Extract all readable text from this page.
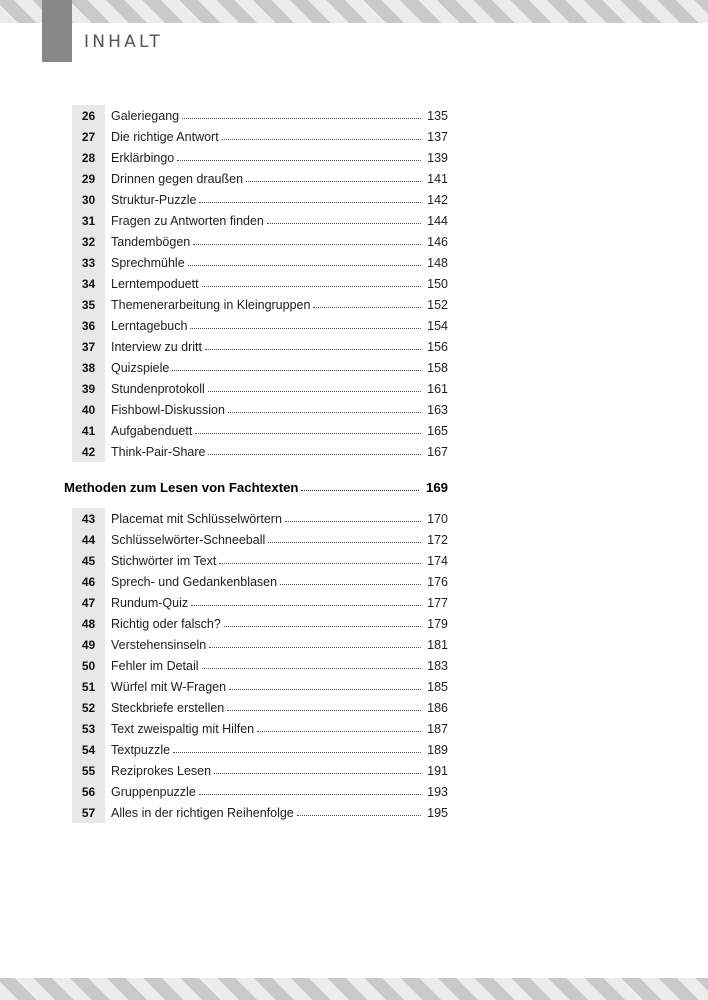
INHALT
26	Galeriegang	135
27	Die richtige Antwort	137
28	Erklärbingo	139
29	Drinnen gegen draußen	141
30	Struktur-Puzzle	142
31	Fragen zu Antworten finden	144
32	Tandembögen	146
33	Sprechmühle	148
34	Lerntempoduett	150
35	Themenerarbeitung in Kleingruppen	152
36	Lerntagebuch	154
37	Interview zu dritt	156
38	Quizspiele	158
39	Stundenprotokoll	161
40	Fishbowl-Diskussion	163
41	Aufgabenduett	165
42	Think-Pair-Share	167
Methoden zum Lesen von Fachtexten	169
43	Placemat mit Schlüsselwörtern	170
44	Schlüsselwörter-Schneeball	172
45	Stichwörter im Text	174
46	Sprech- und Gedankenblasen	176
47	Rundum-Quiz	177
48	Richtig oder falsch?	179
49	Verstehensinseln	181
50	Fehler im Detail	183
51	Würfel mit W-Fragen	185
52	Steckbriefe erstellen	186
53	Text zweispaltig mit Hilfen	187
54	Textpuzzle	189
55	Reziprokes Lesen	191
56	Gruppenpuzzle	193
57	Alles in der richtigen Reihenfolge	195
